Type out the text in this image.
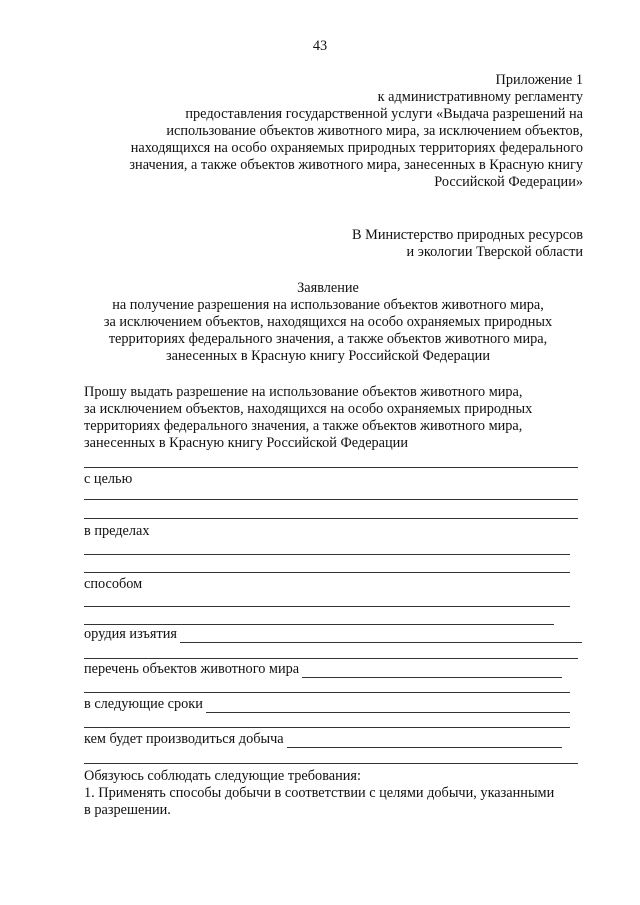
43
Приложение 1
к административному регламенту
предоставления государственной услуги «Выдача разрешений на
использование объектов животного мира, за исключением объектов,
находящихся на особо охраняемых природных территориях федерального
значения, а также объектов животного мира, занесенных в Красную книгу
Российской Федерации»
В Министерство природных ресурсов
и экологии Тверской области
Заявление
на получение разрешения на использование объектов животного мира,
за исключением объектов, находящихся на особо охраняемых природных
территориях федерального значения, а также объектов животного мира,
занесенных в Красную книгу Российской Федерации
Прошу выдать разрешение на использование объектов животного мира,
за исключением объектов, находящихся на особо охраняемых природных
территориях федерального значения, а также объектов животного мира,
занесенных в Красную книгу Российской Федерации
с целью
в пределах
способом
орудия изъятия
перечень объектов животного мира
в следующие сроки
кем будет производиться добыча
Обязуюсь соблюдать следующие требования:
1. Применять способы добычи в соответствии с целями добычи, указанными
в разрешении.
